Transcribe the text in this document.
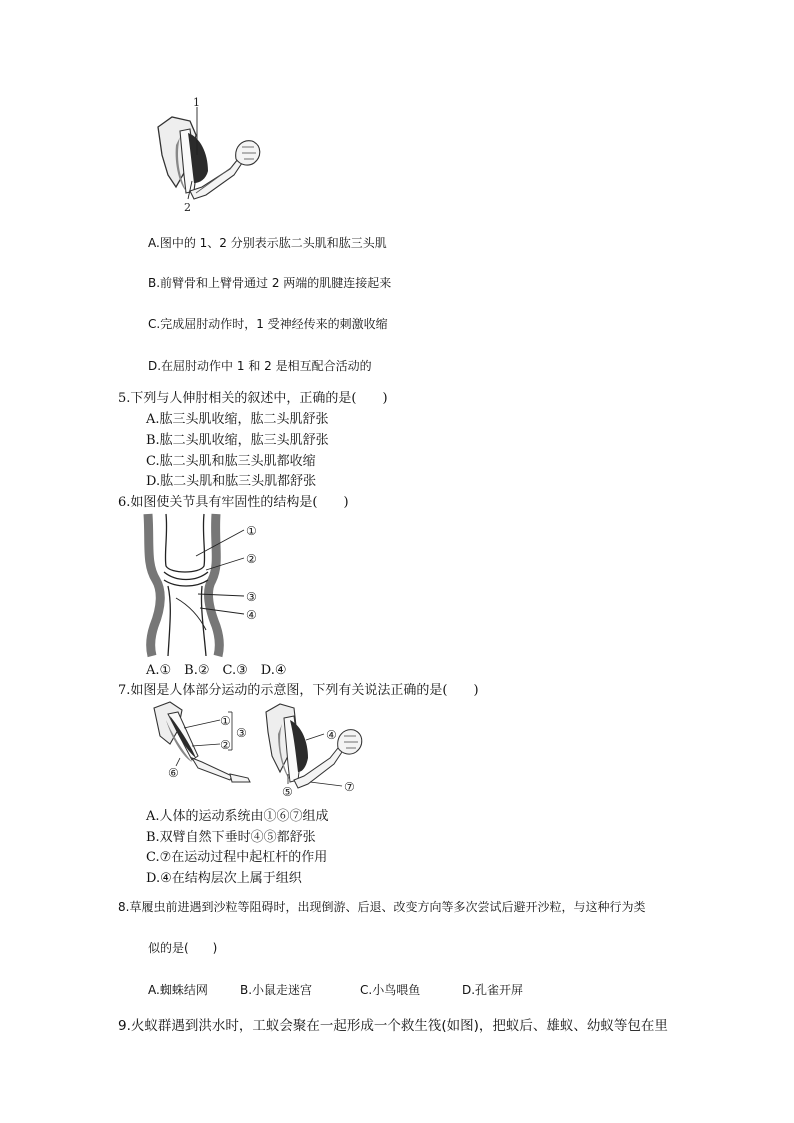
1
2
A.图中的 1、2 分别表示肱二头肌和肱三头肌
B.前臂骨和上臂骨通过 2 两端的肌腱连接起来
C.完成屈肘动作时，1 受神经传来的刺激收缩
D.在屈肘动作中 1 和 2 是相互配合活动的
5.下列与人伸肘相关的叙述中，正确的是(　　)
A.肱三头肌收缩，肱二头肌舒张
B.肱二头肌收缩，肱三头肌舒张
C.肱二头肌和肱三头肌都收缩
D.肱二头肌和肱三头肌都舒张
6.如图使关节具有牢固性的结构是(　　)
①
②
③
④
A.①　B.②　C.③　D.④
7.如图是人体部分运动的示意图，下列有关说法正确的是(　　)
①
②
③
⑥
④
⑤	⑦
A.人体的运动系统由①⑥⑦组成
B.双臂自然下垂时④⑤都舒张
C.⑦在运动过程中起杠杆的作用
D.④在结构层次上属于组织
8.草履虫前进遇到沙粒等阻碍时，出现倒游、后退、改变方向等多次尝试后避开沙粒，与这种行为类
似的是(　　)
A.蜘蛛结网	B.小鼠走迷宫	C.小鸟喂鱼	D.孔雀开屏
9.火蚁群遇到洪水时，工蚁会聚在一起形成一个救生筏(如图)，把蚁后、雄蚁、幼蚁等包在里
